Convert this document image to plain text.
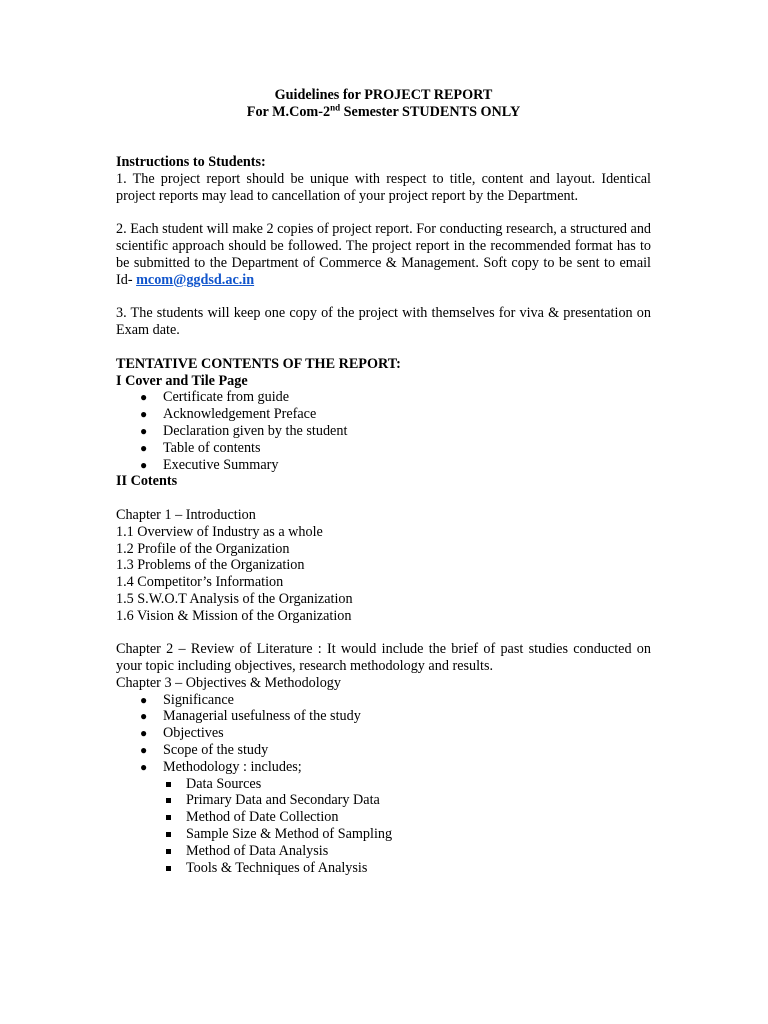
Guidelines for PROJECT REPORT
For M.Com-2nd Semester STUDENTS ONLY
Instructions to Students:
1. The project report should be unique with respect to title, content and layout. Identical project reports may lead to cancellation of your project report by the Department.
2. Each student will make 2 copies of project report. For conducting research, a structured and scientific approach should be followed. The project report in the recommended format has to be submitted to the Department of Commerce & Management. Soft copy to be sent to email Id- mcom@ggdsd.ac.in
3. The students will keep one copy of the project with themselves for viva & presentation on Exam date.
TENTATIVE CONTENTS OF THE REPORT:
I Cover and Tile Page
● Certificate from guide
● Acknowledgement Preface
● Declaration given by the student
● Table of contents
● Executive Summary
II Cotents
Chapter 1 – Introduction
1.1 Overview of Industry as a whole
1.2 Profile of the Organization
1.3 Problems of the Organization
1.4 Competitor’s Information
1.5 S.W.O.T Analysis of the Organization
1.6 Vision & Mission of the Organization
Chapter 2 – Review of Literature : It would include the brief of past studies conducted on your topic including objectives, research methodology and results.
Chapter 3 – Objectives & Methodology
● Significance
● Managerial usefulness of the study
● Objectives
● Scope of the study
● Methodology : includes;
Data Sources
Primary Data and Secondary Data
Method of Date Collection
Sample Size & Method of Sampling
Method of Data Analysis
Tools & Techniques of Analysis
